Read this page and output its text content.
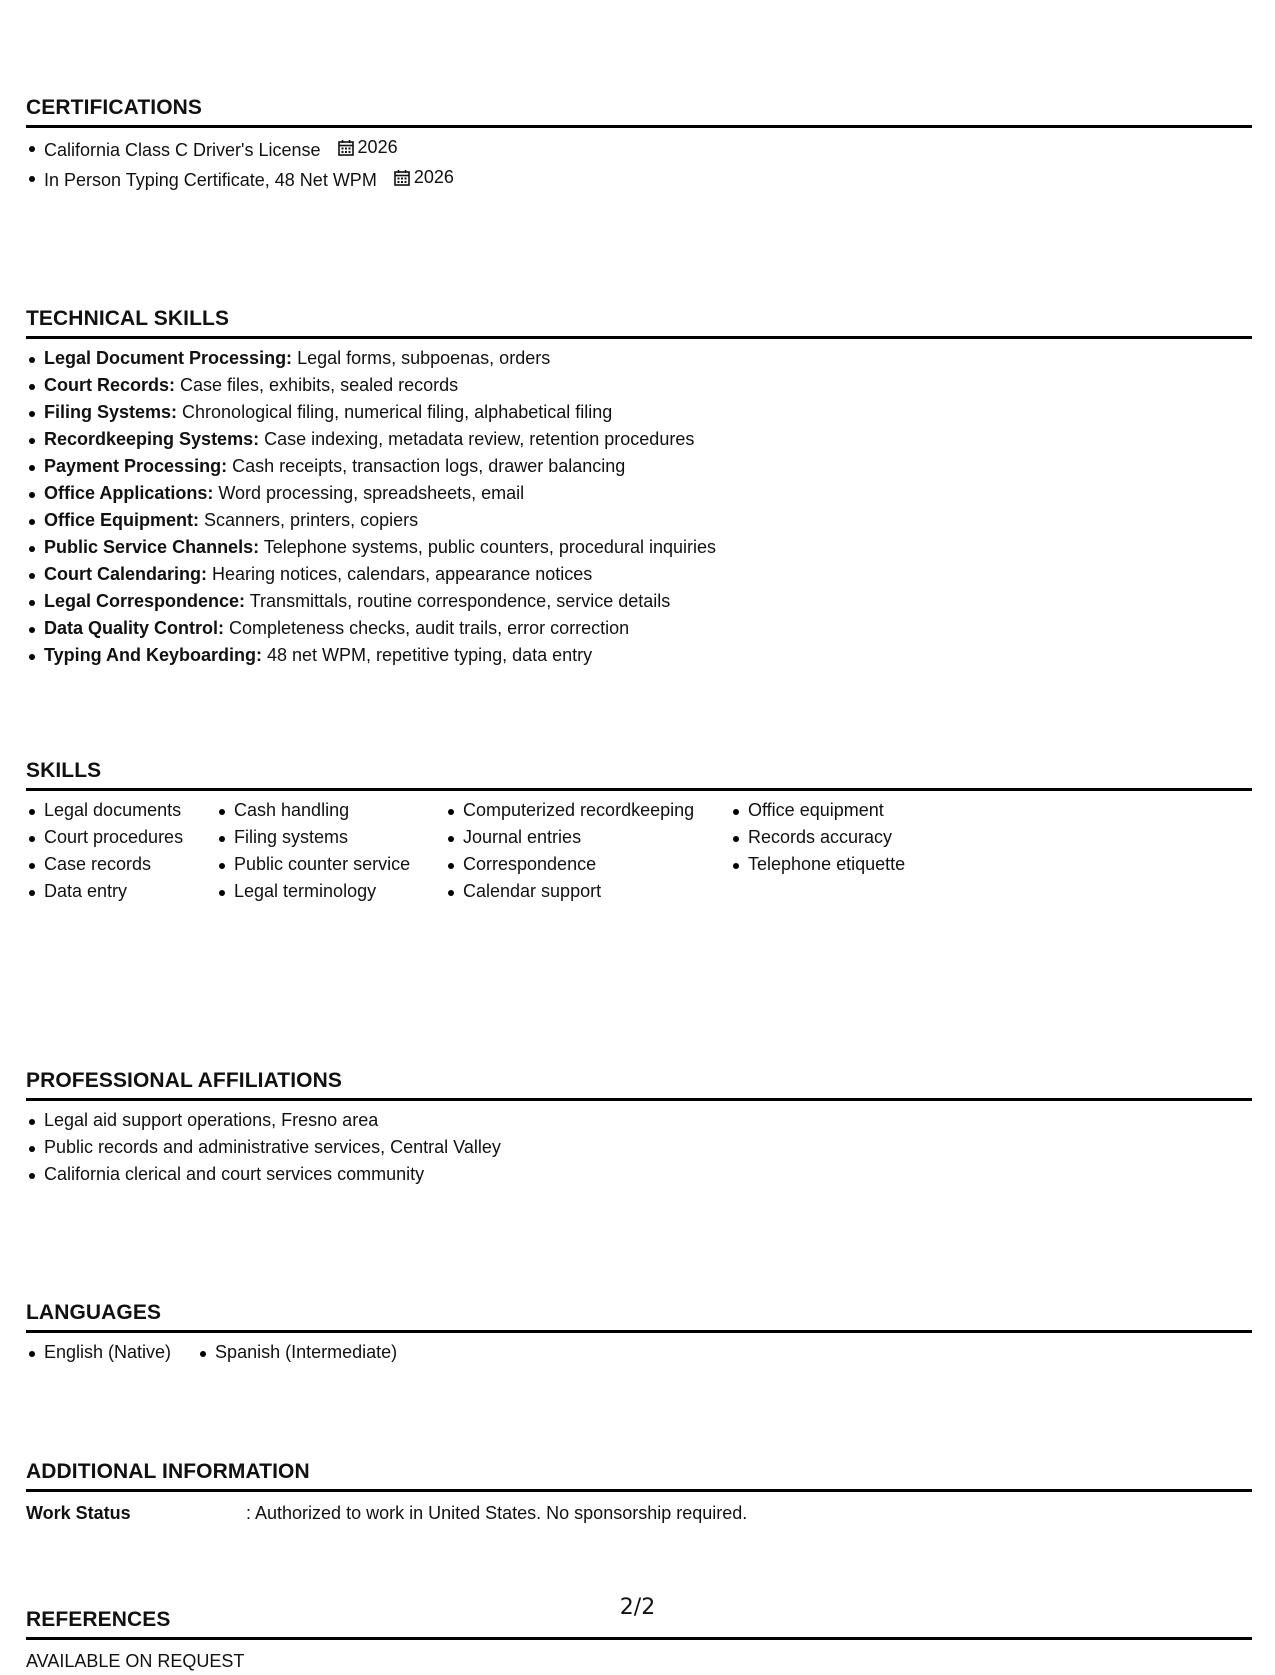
CERTIFICATIONS
California Class C Driver's License 2026
In Person Typing Certificate, 48 Net WPM 2026
TECHNICAL SKILLS
Legal Document Processing: Legal forms, subpoenas, orders
Court Records: Case files, exhibits, sealed records
Filing Systems: Chronological filing, numerical filing, alphabetical filing
Recordkeeping Systems: Case indexing, metadata review, retention procedures
Payment Processing: Cash receipts, transaction logs, drawer balancing
Office Applications: Word processing, spreadsheets, email
Office Equipment: Scanners, printers, copiers
Public Service Channels: Telephone systems, public counters, procedural inquiries
Court Calendaring: Hearing notices, calendars, appearance notices
Legal Correspondence: Transmittals, routine correspondence, service details
Data Quality Control: Completeness checks, audit trails, error correction
Typing And Keyboarding: 48 net WPM, repetitive typing, data entry
SKILLS
Legal documents
Court procedures
Case records
Data entry
Cash handling
Filing systems
Public counter service
Legal terminology
Computerized recordkeeping
Journal entries
Correspondence
Calendar support
Office equipment
Records accuracy
Telephone etiquette
PROFESSIONAL AFFILIATIONS
Legal aid support operations, Fresno area
Public records and administrative services, Central Valley
California clerical and court services community
LANGUAGES
English (Native)	Spanish (Intermediate)
ADDITIONAL INFORMATION
Work Status	: Authorized to work in United States. No sponsorship required.
REFERENCES
AVAILABLE ON REQUEST
2/2
